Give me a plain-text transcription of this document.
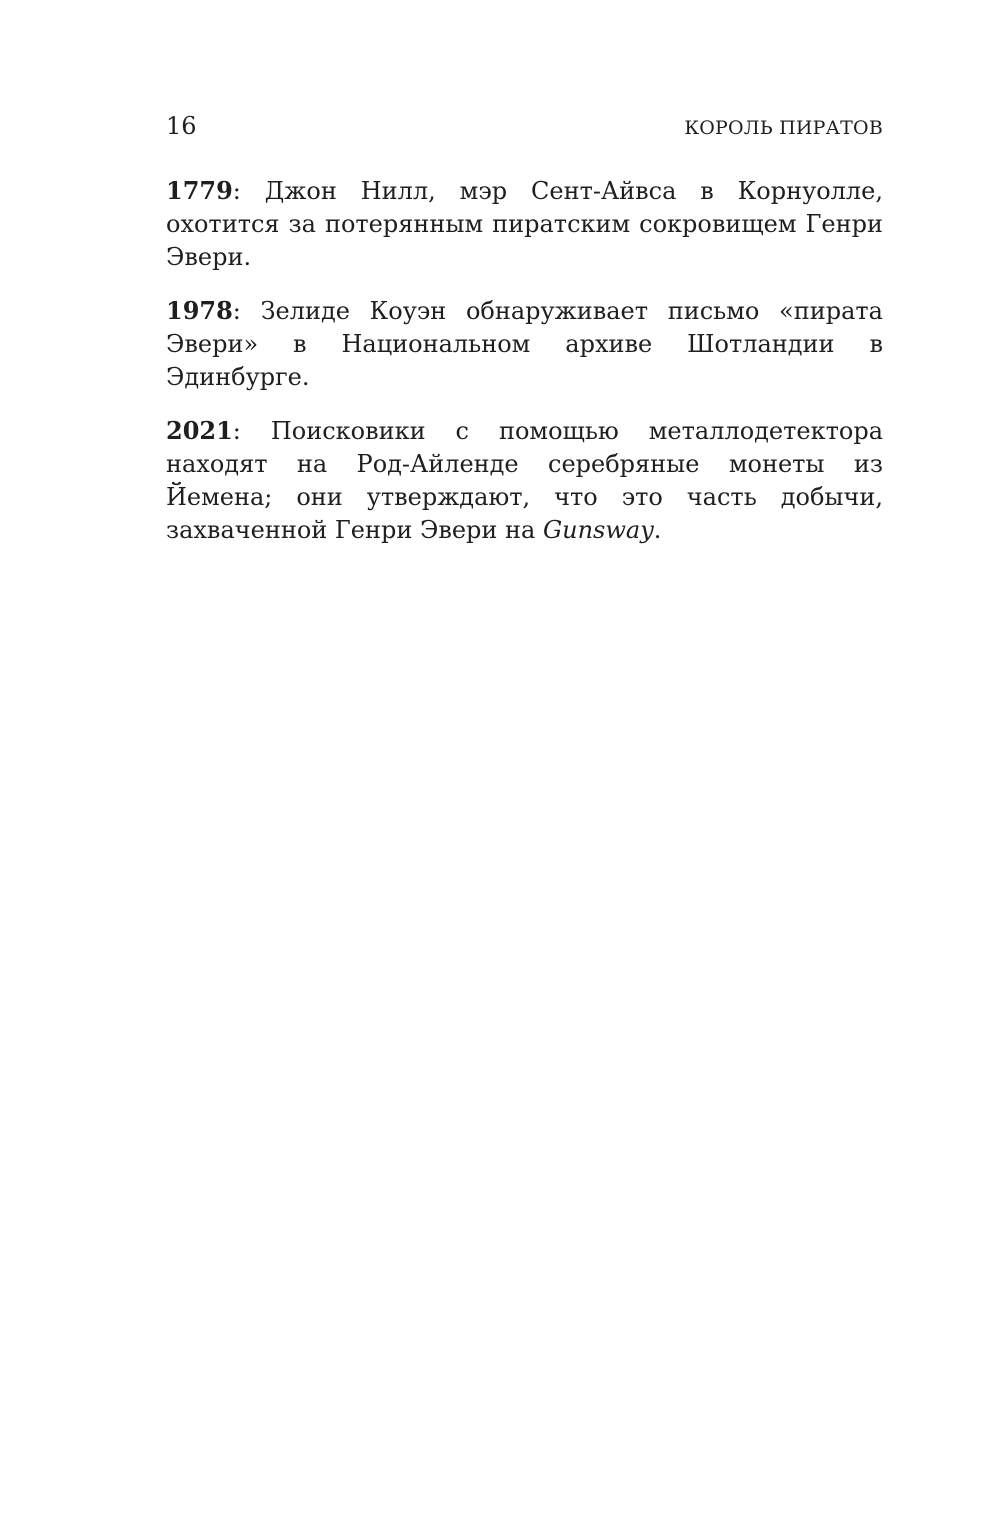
16	КОРОЛЬ ПИРАТОВ

1779: Джон Нилл, мэр Сент-Айвса в Корнуолле, охотится за потерянным пиратским сокровищем Генри Эвери.

1978: Зелиде Коуэн обнаруживает письмо «пирата Эвери» в Национальном архиве Шотландии в Эдинбурге.

2021: Поисковики с помощью металлодетектора находят на Род-Айленде серебряные монеты из Йемена; они утверждают, что это часть добычи, захваченной Генри Эвери на Gunsway.
